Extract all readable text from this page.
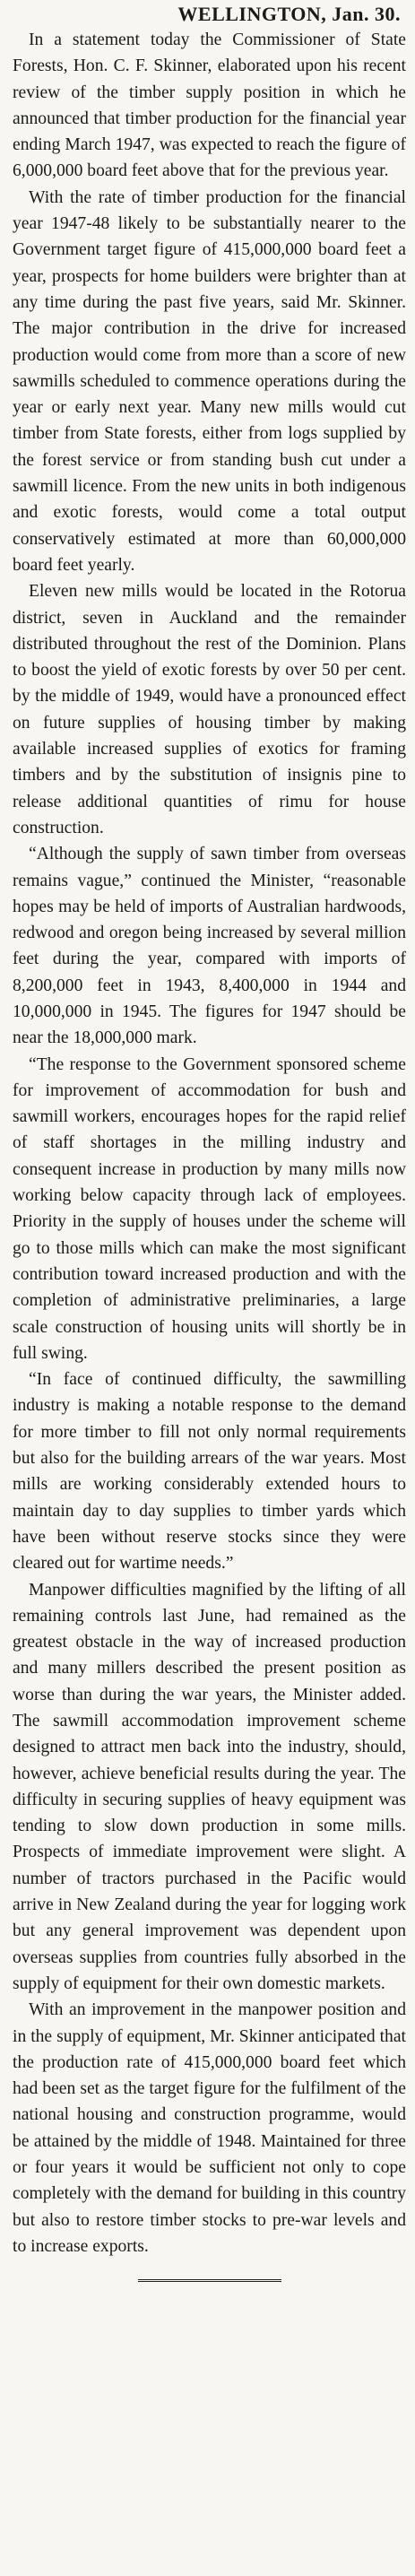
WELLINGTON, Jan. 30.

In a statement today the Commissioner of State Forests, Hon. C. F. Skinner, elaborated upon his recent review of the timber supply position in which he announced that timber production for the financial year ending March 1947, was expected to reach the figure of 6,000,000 board feet above that for the previous year.

With the rate of timber production for the financial year 1947-48 likely to be substantially nearer to the Government target figure of 415,000,000 board feet a year, prospects for home builders were brighter than at any time during the past five years, said Mr. Skinner. The major contribution in the drive for increased production would come from more than a score of new sawmills scheduled to commence operations during the year or early next year. Many new mills would cut timber from State forests, either from logs supplied by the forest service or from standing bush cut under a sawmill licence. From the new units in both indigenous and exotic forests, would come a total output conservatively estimated at more than 60,000,000 board feet yearly.

Eleven new mills would be located in the Rotorua district, seven in Auckland and the remainder distributed throughout the rest of the Dominion. Plans to boost the yield of exotic forests by over 50 per cent. by the middle of 1949, would have a pronounced effect on future supplies of housing timber by making available increased supplies of exotics for framing timbers and by the substitution of insignis pine to release additional quantities of rimu for house construction.

“Although the supply of sawn timber from overseas remains vague,” continued the Minister, “reasonable hopes may be held of imports of Australian hardwoods, redwood and oregon being increased by several million feet during the year, compared with imports of 8,200,000 feet in 1943, 8,400,000 in 1944 and 10,000,000 in 1945. The figures for 1947 should be near the 18,000,000 mark.

“The response to the Government sponsored scheme for improvement of accommodation for bush and sawmill workers, encourages hopes for the rapid relief of staff shortages in the milling industry and consequent increase in production by many mills now working below capacity through lack of employees. Priority in the supply of houses under the scheme will go to those mills which can make the most significant contribution toward increased production and with the completion of administrative preliminaries, a large scale construction of housing units will shortly be in full swing.

“In face of continued difficulty, the sawmilling industry is making a notable response to the demand for more timber to fill not only normal requirements but also for the building arrears of the war years. Most mills are working considerably extended hours to maintain day to day supplies to timber yards which have been without reserve stocks since they were cleared out for wartime needs.”

Manpower difficulties magnified by the lifting of all remaining controls last June, had remained as the greatest obstacle in the way of increased production and many millers described the present position as worse than during the war years, the Minister added. The sawmill accommodation improvement scheme designed to attract men back into the industry, should, however, achieve beneficial results during the year. The difficulty in securing supplies of heavy equipment was tending to slow down production in some mills. Prospects of immediate improvement were slight. A number of tractors purchased in the Pacific would arrive in New Zealand during the year for logging work but any general improvement was dependent upon overseas supplies from countries fully absorbed in the supply of equipment for their own domestic markets.

With an improvement in the manpower position and in the supply of equipment, Mr. Skinner anticipated that the production rate of 415,000,000 board feet which had been set as the target figure for the fulfilment of the national housing and construction programme, would be attained by the middle of 1948. Maintained for three or four years it would be sufficient not only to cope completely with the demand for building in this country but also to restore timber stocks to pre-war levels and to increase exports.
